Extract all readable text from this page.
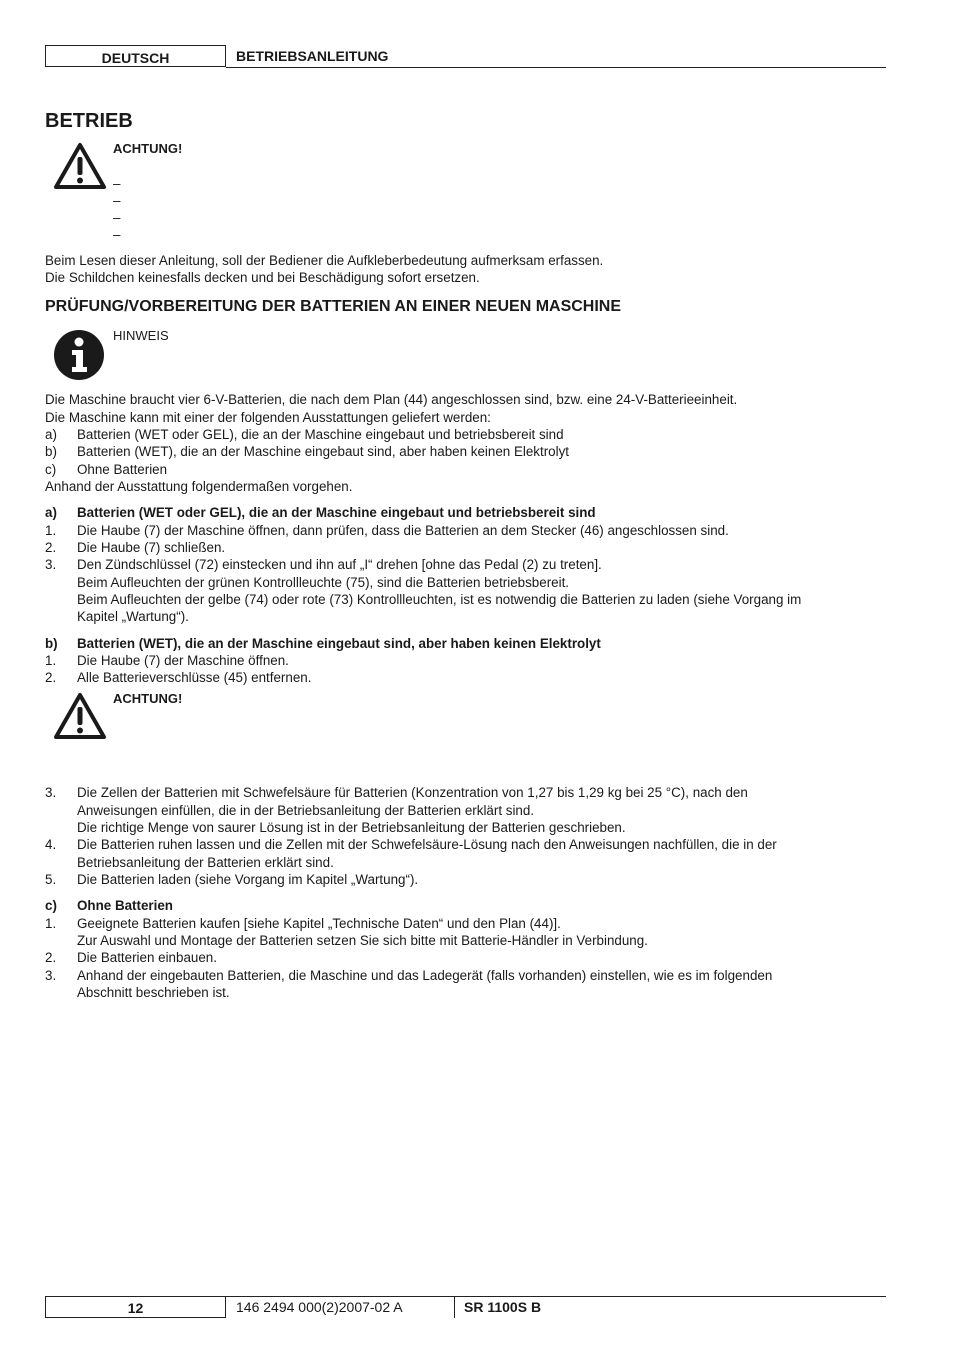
DEUTSCH	BETRIEBSANLEITUNG
BETRIEB
ACHTUNG!
–
–
–
–
Beim Lesen dieser Anleitung, soll der Bediener die Aufkleberbedeutung aufmerksam erfassen.
Die Schildchen keinesfalls decken und bei Beschädigung sofort ersetzen.
PRÜFUNG/VORBEREITUNG DER BATTERIEN AN EINER NEUEN MASCHINE
HINWEIS
Die Maschine braucht vier 6-V-Batterien, die nach dem Plan (44) angeschlossen sind, bzw. eine 24-V-Batterieeinheit.
Die Maschine kann mit einer der folgenden Ausstattungen geliefert werden:
a) Batterien (WET oder GEL), die an der Maschine eingebaut und betriebsbereit sind
b) Batterien (WET), die an der Maschine eingebaut sind, aber haben keinen Elektrolyt
c) Ohne Batterien
Anhand der Ausstattung folgendermaßen vorgehen.
a) Batterien (WET oder GEL), die an der Maschine eingebaut und betriebsbereit sind
1. Die Haube (7) der Maschine öffnen, dann prüfen, dass die Batterien an dem Stecker (46) angeschlossen sind.
2. Die Haube (7) schließen.
3. Den Zündschlüssel (72) einstecken und ihn auf „I“ drehen [ohne das Pedal (2) zu treten].
Beim Aufleuchten der grünen Kontrollleuchte (75), sind die Batterien betriebsbereit.
Beim Aufleuchten der gelbe (74) oder rote (73) Kontrollleuchten, ist es notwendig die Batterien zu laden (siehe Vorgang im
Kapitel „Wartung“).
b) Batterien (WET), die an der Maschine eingebaut sind, aber haben keinen Elektrolyt
1. Die Haube (7) der Maschine öffnen.
2. Alle Batterieverschlüsse (45) entfernen.
ACHTUNG!
3. Die Zellen der Batterien mit Schwefelsäure für Batterien (Konzentration von 1,27 bis 1,29 kg bei 25 °C), nach den
Anweisungen einfüllen, die in der Betriebsanleitung der Batterien erklärt sind.
Die richtige Menge von saurer Lösung ist in der Betriebsanleitung der Batterien geschrieben.
4. Die Batterien ruhen lassen und die Zellen mit der Schwefelsäure-Lösung nach den Anweisungen nachfüllen, die in der
Betriebsanleitung der Batterien erklärt sind.
5. Die Batterien laden (siehe Vorgang im Kapitel „Wartung“).
c) Ohne Batterien
1. Geeignete Batterien kaufen [siehe Kapitel „Technische Daten“ und den Plan (44)].
Zur Auswahl und Montage der Batterien setzen Sie sich bitte mit Batterie-Händler in Verbindung.
2. Die Batterien einbauen.
3. Anhand der eingebauten Batterien, die Maschine und das Ladegerät (falls vorhanden) einstellen, wie es im folgenden
Abschnitt beschrieben ist.
12	146 2494 000(2)2007-02 A	SR 1100S B
